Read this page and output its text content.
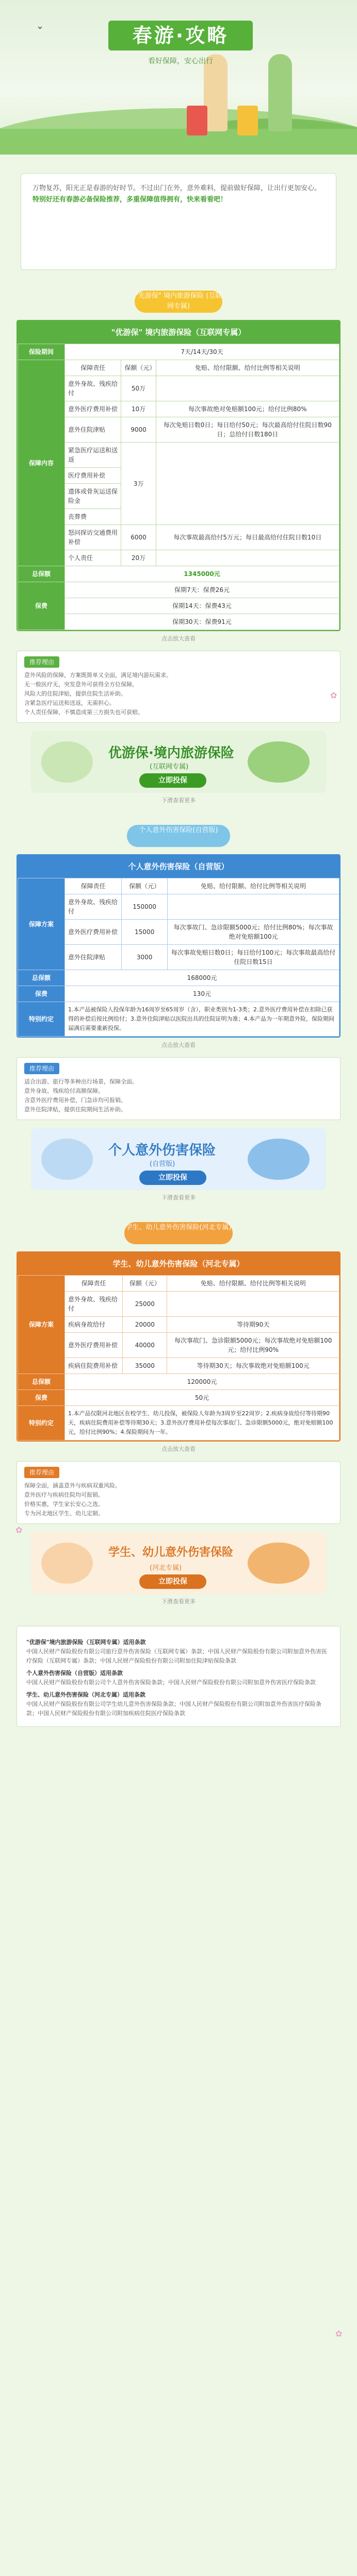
⌄	春游·攻略
看好保障，安心出行
万物复苏，阳光正是春游的好时节。不过出门在外，意外难料，提前做好保障，让出行更加安心。
特别好还有春游必备保险推荐，多重保障值得拥有，快来看看吧！
"先游保" 境内旅游保险 (互联网专属)
"优游保" 境内旅游保险（互联网专属）
保险期间	7天/14天/30天		
保障内容	保障责任	保额（元）	免赔、给付限额、给付比例等相关说明
	意外身故、残疾给付	50万	
	意外医疗费用补偿	10万	每次事故绝对免赔额100元；给付比例80%
	意外住院津贴	9000	每次免赔日数0日；每日给付50元；每次最高给付住院日数90日；总给付日数180日
	紧急医疗运送和送返	3万	
	医疗费用补偿		
	遗体或骨灰运送保险金		
	丧葬费		
	怒问探访交通费用补偿	6000	每次事故最高给付5万元；每日最高给付住院日数10日
	个人责任	20万	
总保额	1345000元		
保费	保期7天：保费26元		
	保期14天：保费43元		
	保期30天：保费91元		
点击放大查看
推荐理由
意外风险的保障，方案既简单又全面，满足境内游玩需求。
无一般医疗无，突发意外可获得全方位保障。
风险大的住院津贴，提供住院生活补助。
含紧急医疗运送和送返，无需担心。
个人责任保障，不慎造成第三方损失也可获赔。
优游保·境内旅游保险
(互联网专属)
立即投保
下滑查看更多
个人意外伤害保险(自营版)
个人意外伤害保险（自营版）
保障方案	保障责任	保额（元）	免赔、给付限额、给付比例等相关说明
	意外身故、残疾给付	150000	
	意外医疗费用补偿	15000	每次事故门、急诊限额5000元；给付比例80%；每次事故绝对免赔额100元
	意外住院津贴	3000	每次事故免赔日数0日；每日给付100元；每次事故最高给付住院日数15日
总保额	168000元		
保费	130元		
特别约定	1.本产品被保险人投保年龄为16周岁至65周岁（含），职业类别为1-3类；2.意外医疗费用补偿在扣除已获得的补偿后按比例给付；3.意外住院津贴以医院出具的住院证明为准；4.本产品为一年期意外险，保险期间届满后需要重新投保。		
点击放大查看
推荐理由
适合出游、旅行等多种出行场景，保障全面。
意外身故、残疾给付高额保障。
含意外医疗费用补偿，门急诊均可报销。
意外住院津贴，提供住院期间生活补助。
个人意外伤害保险
(自营版)
立即投保
下滑查看更多
学生、幼儿意外伤害保险(河北专属)
学生、幼儿意外伤害保险（河北专属）
保障方案	保障责任	保额（元）	免赔、给付限额、给付比例等相关说明
	意外身故、残疾给付	25000	
	疾病身故给付	20000	等待期90天
	意外医疗费用补偿	40000	每次事故门、急诊限额5000元；每次事故绝对免赔额100元；给付比例90%
	疾病住院费用补偿	35000	等待期30天；每次事故绝对免赔额100元
总保额	120000元		
保费	50元		
特别约定	1.本产品仅限河北地区在校学生、幼儿投保，被保险人年龄为3周岁至22周岁；2.疾病身故给付等待期90天，疾病住院费用补偿等待期30天；3.意外医疗费用补偿每次事故门、急诊限额5000元，绝对免赔额100元，给付比例90%；4.保险期间为一年。		
点击放大查看
推荐理由
保障全面，涵盖意外与疾病双重风险。
意外医疗与疾病住院均可报销。
价格实惠，学生家长安心之选。
专为河北地区学生、幼儿定制。
学生、幼儿意外伤害保险
(河北专属)
立即投保
下滑查看更多
"优游保"境内旅游保险（互联网专属）适用条款
中国人民财产保险股份有限公司旅行意外伤害保险（互联网专属）条款；中国人民财产保险股份有限公司附加意外伤害医疗保险（互联网专属）条款；中国人民财产保险股份有限公司附加住院津贴保险条款
个人意外伤害保险（自营版）适用条款
中国人民财产保险股份有限公司个人意外伤害保险条款；中国人民财产保险股份有限公司附加意外伤害医疗保险条款
学生、幼儿意外伤害保险（河北专属）适用条款
中国人民财产保险股份有限公司学生幼儿意外伤害保险条款；中国人民财产保险股份有限公司附加意外伤害医疗保险条款；中国人民财产保险股份有限公司附加疾病住院医疗保险条款
✿
✿
✿
